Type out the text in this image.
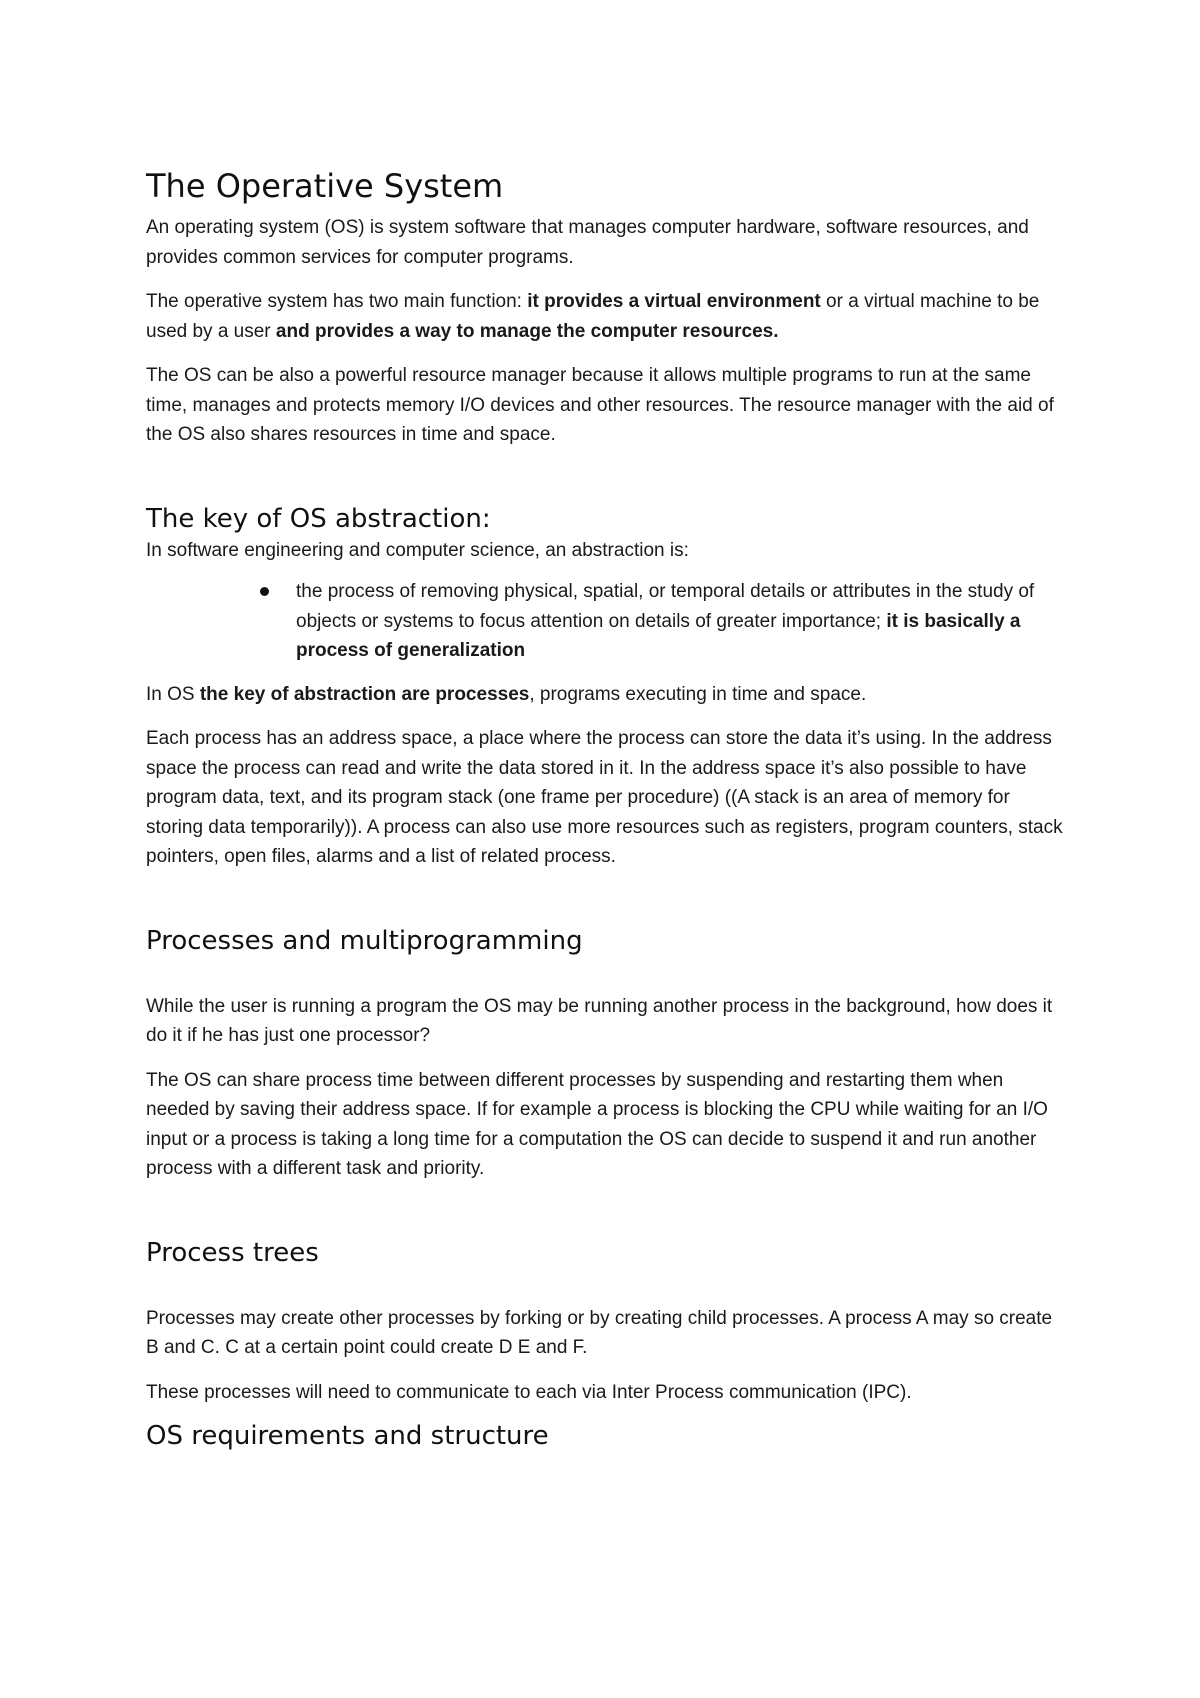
The Operative System

An operating system (OS) is system software that manages computer hardware, software resources, and provides common services for computer programs.

The operative system has two main function: it provides a virtual environment or a virtual machine to be used by a user and provides a way to manage the computer resources.

The OS can be also a powerful resource manager because it allows multiple programs to run at the same time, manages and protects memory I/O devices and other resources. The resource manager with the aid of the OS also shares resources in time and space.

The key of OS abstraction:

In software engineering and computer science, an abstraction is:

the process of removing physical, spatial, or temporal details or attributes in the study of objects or systems to focus attention on details of greater importance; it is basically a process of generalization

In OS the key of abstraction are processes, programs executing in time and space.

Each process has an address space, a place where the process can store the data it’s using. In the address space the process can read and write the data stored in it. In the address space it’s also possible to have program data, text, and its program stack (one frame per procedure) ((A stack is an area of memory for storing data temporarily)). A process can also use more resources such as registers, program counters, stack pointers, open files, alarms and a list of related process.

Processes and multiprogramming

While the user is running a program the OS may be running another process in the background, how does it do it if he has just one processor?

The OS can share process time between different processes by suspending and restarting them when needed by saving their address space. If for example a process is blocking the CPU while waiting for an I/O input or a process is taking a long time for a computation the OS can decide to suspend it and run another process with a different task and priority.

Process trees

Processes may create other processes by forking or by creating child processes. A process A may so create B and C. C at a certain point could create D E and F.

These processes will need to communicate to each via Inter Process communication (IPC).

OS requirements and structure
